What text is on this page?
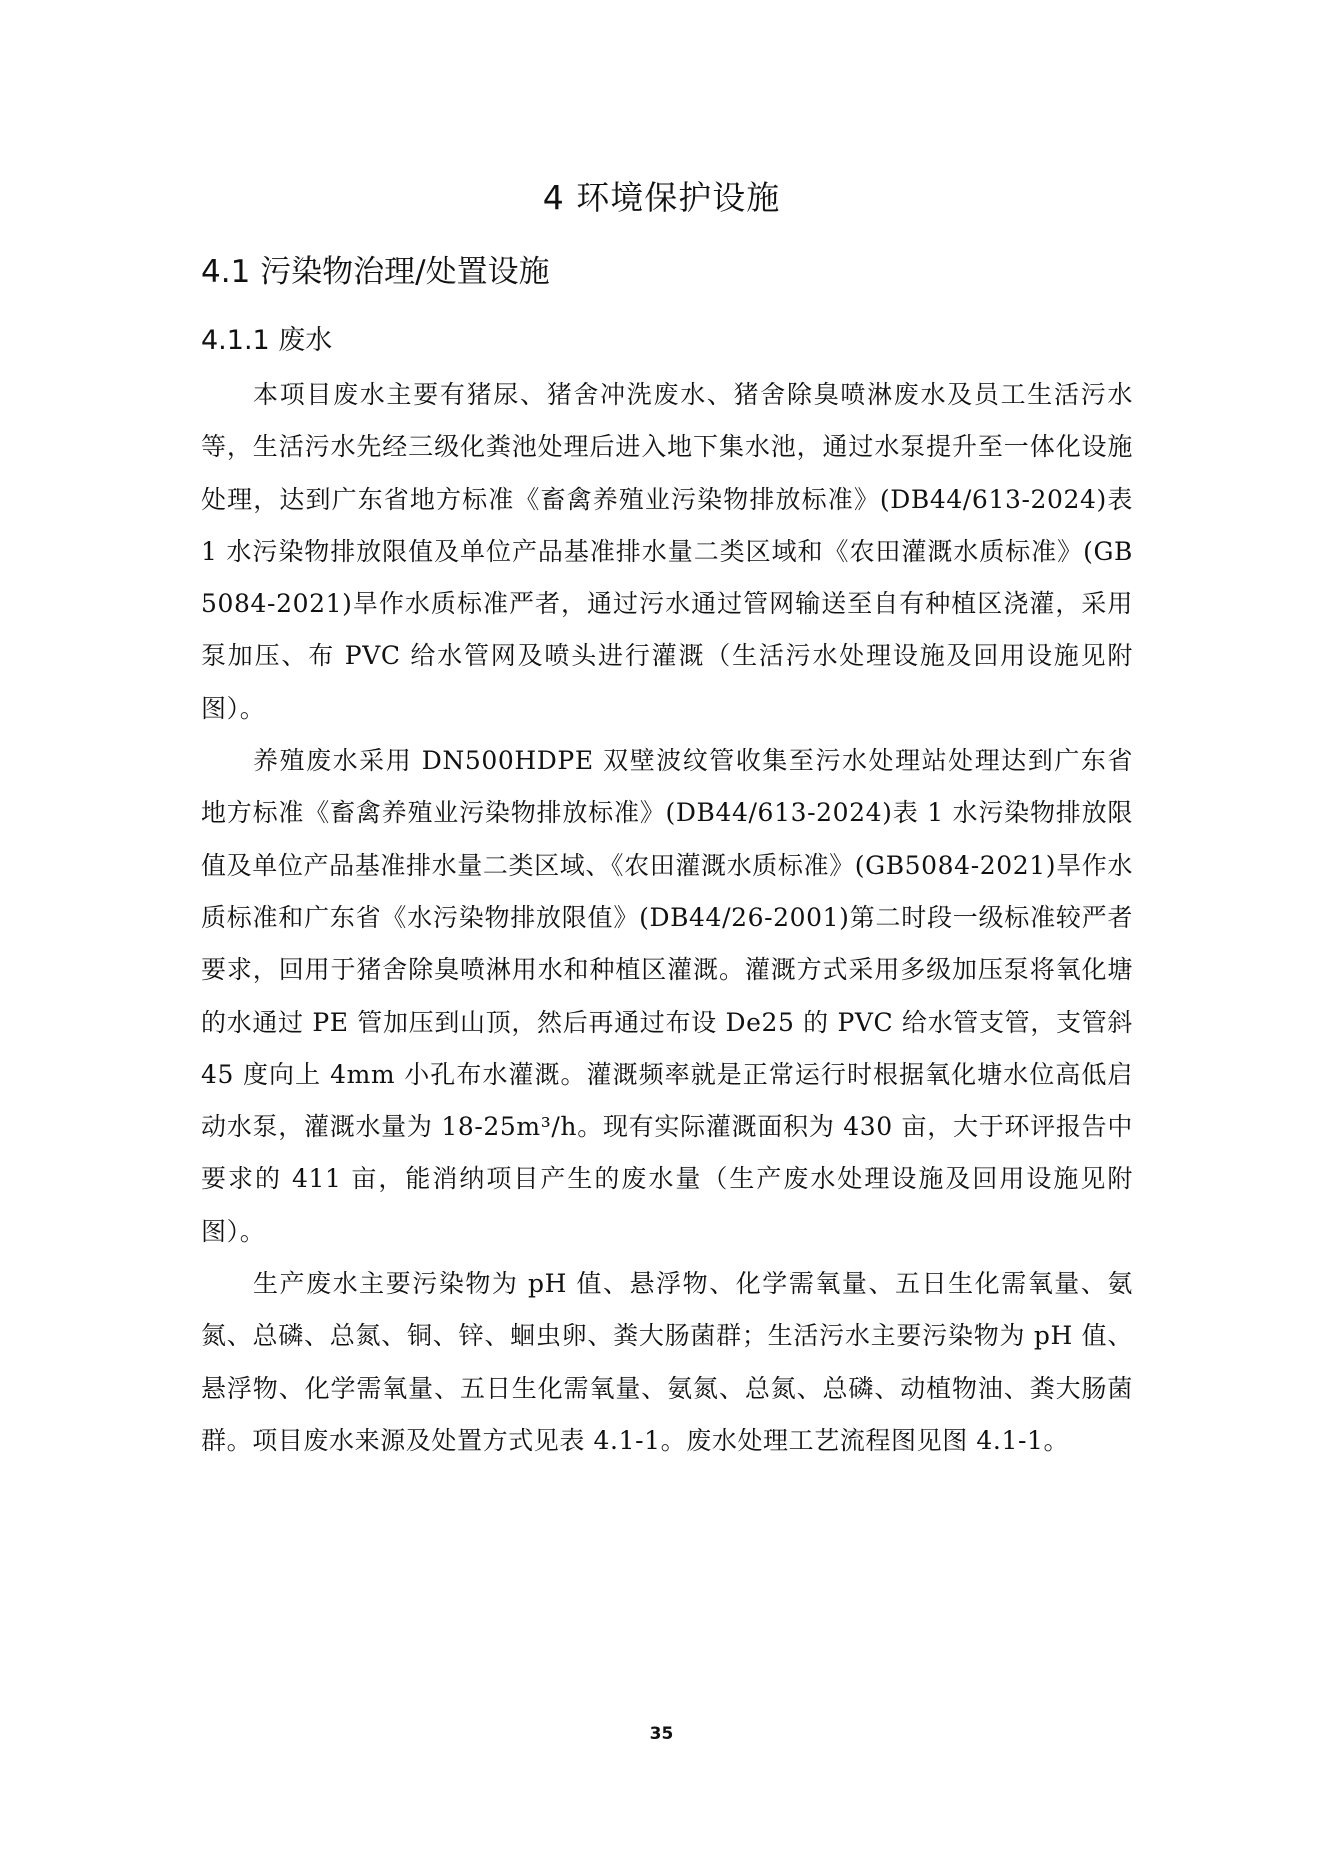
4 环境保护设施
4.1 污染物治理/处置设施
4.1.1 废水

本项目废水主要有猪尿、猪舍冲洗废水、猪舍除臭喷淋废水及员工生活污水等，生活污水先经三级化粪池处理后进入地下集水池，通过水泵提升至一体化设施处理，达到广东省地方标准《畜禽养殖业污染物排放标准》(DB44/613-2024)表 1 水污染物排放限值及单位产品基准排水量二类区域和《农田灌溉水质标准》(GB5084-2021)旱作水质标准严者，通过污水通过管网输送至自有种植区浇灌，采用泵加压、布 PVC 给水管网及喷头进行灌溉（生活污水处理设施及回用设施见附图）。

养殖废水采用 DN500HDPE 双壁波纹管收集至污水处理站处理达到广东省地方标准《畜禽养殖业污染物排放标准》(DB44/613-2024)表 1 水污染物排放限值及单位产品基准排水量二类区域、《农田灌溉水质标准》(GB5084-2021)旱作水质标准和广东省《水污染物排放限值》(DB44/26-2001)第二时段一级标准较严者要求，回用于猪舍除臭喷淋用水和种植区灌溉。灌溉方式采用多级加压泵将氧化塘的水通过 PE 管加压到山顶，然后再通过布设 De25 的 PVC 给水管支管，支管斜 45 度向上 4mm 小孔布水灌溉。灌溉频率就是正常运行时根据氧化塘水位高低启动水泵，灌溉水量为 18-25m³/h。现有实际灌溉面积为 430 亩，大于环评报告中要求的 411 亩，能消纳项目产生的废水量（生产废水处理设施及回用设施见附图）。

生产废水主要污染物为 pH 值、悬浮物、化学需氧量、五日生化需氧量、氨氮、总磷、总氮、铜、锌、蛔虫卵、粪大肠菌群；生活污水主要污染物为 pH 值、悬浮物、化学需氧量、五日生化需氧量、氨氮、总氮、总磷、动植物油、粪大肠菌群。项目废水来源及处置方式见表 4.1-1。废水处理工艺流程图见图 4.1-1。

35
